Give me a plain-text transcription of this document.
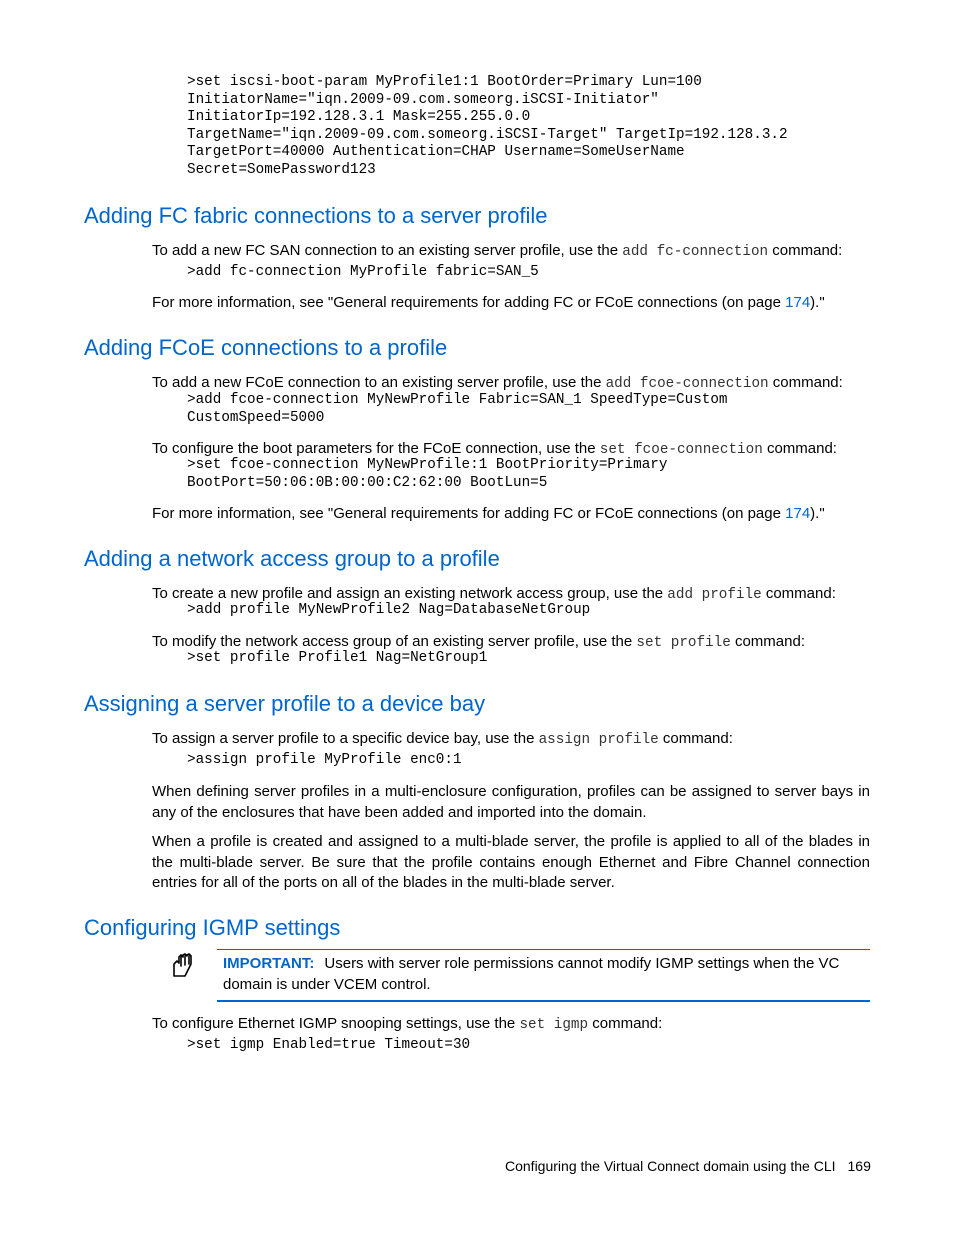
>set iscsi-boot-param MyProfile1:1 BootOrder=Primary Lun=100
InitiatorName="iqn.2009-09.com.someorg.iSCSI-Initiator"
InitiatorIp=192.128.3.1 Mask=255.255.0.0
TargetName="iqn.2009-09.com.someorg.iSCSI-Target" TargetIp=192.128.3.2
TargetPort=40000 Authentication=CHAP Username=SomeUserName
Secret=SomePassword123
Adding FC fabric connections to a server profile

To add a new FC SAN connection to an existing server profile, use the add fc-connection command:

>add fc-connection MyProfile fabric=SAN_5

For more information, see "General requirements for adding FC or FCoE connections (on page 174)."

Adding FCoE connections to a profile

To add a new FCoE connection to an existing server profile, use the add fcoe-connection command:

>add fcoe-connection MyNewProfile Fabric=SAN_1 SpeedType=Custom
CustomSpeed=5000

To configure the boot parameters for the FCoE connection, use the set fcoe-connection command:

>set fcoe-connection MyNewProfile:1 BootPriority=Primary
BootPort=50:06:0B:00:00:C2:62:00 BootLun=5

For more information, see "General requirements for adding FC or FCoE connections (on page 174)."

Adding a network access group to a profile

To create a new profile and assign an existing network access group, use the add profile command:

>add profile MyNewProfile2 Nag=DatabaseNetGroup

To modify the network access group of an existing server profile, use the set profile command:

>set profile Profile1 Nag=NetGroup1
Assigning a server profile to a device bay

To assign a server profile to a specific device bay, use the assign profile command:

>assign profile MyProfile enc0:1

When defining server profiles in a multi-enclosure configuration, profiles can be assigned to server bays in any of the enclosures that have been added and imported into the domain.

When a profile is created and assigned to a multi-blade server, the profile is applied to all of the blades in the multi-blade server. Be sure that the profile contains enough Ethernet and Fibre Channel connection entries for all of the ports on all of the blades in the multi-blade server.

Configuring IGMP settings
IMPORTANT: Users with server role permissions cannot modify IGMP settings when the VC domain is under VCEM control.

To configure Ethernet IGMP snooping settings, use the set igmp command:

>set igmp Enabled=true Timeout=30
Configuring the Virtual Connect domain using the CLI 169
